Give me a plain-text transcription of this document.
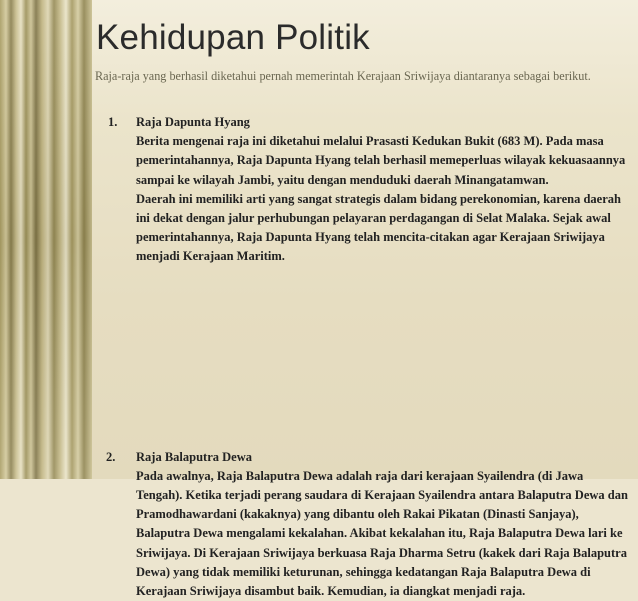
Kehidupan Politik

Raja-raja yang berhasil diketahui pernah memerintah Kerajaan Sriwijaya diantaranya sebagai berikut.

1. Raja Dapunta Hyang

Berita mengenai raja ini diketahui melalui Prasasti Kedukan Bukit (683 M). Pada masa pemerintahannya, Raja Dapunta Hyang telah berhasil memeperluas wilayak kekuasaannya sampai ke wilayah Jambi, yaitu dengan menduduki daerah Minangatamwan.

Daerah ini memiliki arti yang sangat strategis dalam bidang perekonomian, karena daerah ini dekat dengan jalur perhubungan pelayaran perdagangan di Selat Malaka. Sejak awal pemerintahannya, Raja Dapunta Hyang telah mencita-citakan agar Kerajaan Sriwijaya menjadi Kerajaan Maritim.

2. Raja Balaputra Dewa

Pada awalnya, Raja Balaputra Dewa adalah raja dari kerajaan Syailendra (di Jawa Tengah). Ketika terjadi perang saudara di Kerajaan Syailendra antara Balaputra Dewa dan Pramodhawardani (kakaknya) yang dibantu oleh Rakai Pikatan (Dinasti Sanjaya), Balaputra Dewa mengalami kekalahan. Akibat kekalahan itu, Raja Balaputra Dewa lari ke Sriwijaya. Di Kerajaan Sriwijaya berkuasa Raja Dharma Setru (kakek dari Raja Balaputra Dewa) yang tidak memiliki keturunan, sehingga kedatangan Raja Balaputra Dewa di Kerajaan Sriwijaya disambut baik. Kemudian, ia diangkat menjadi raja.
